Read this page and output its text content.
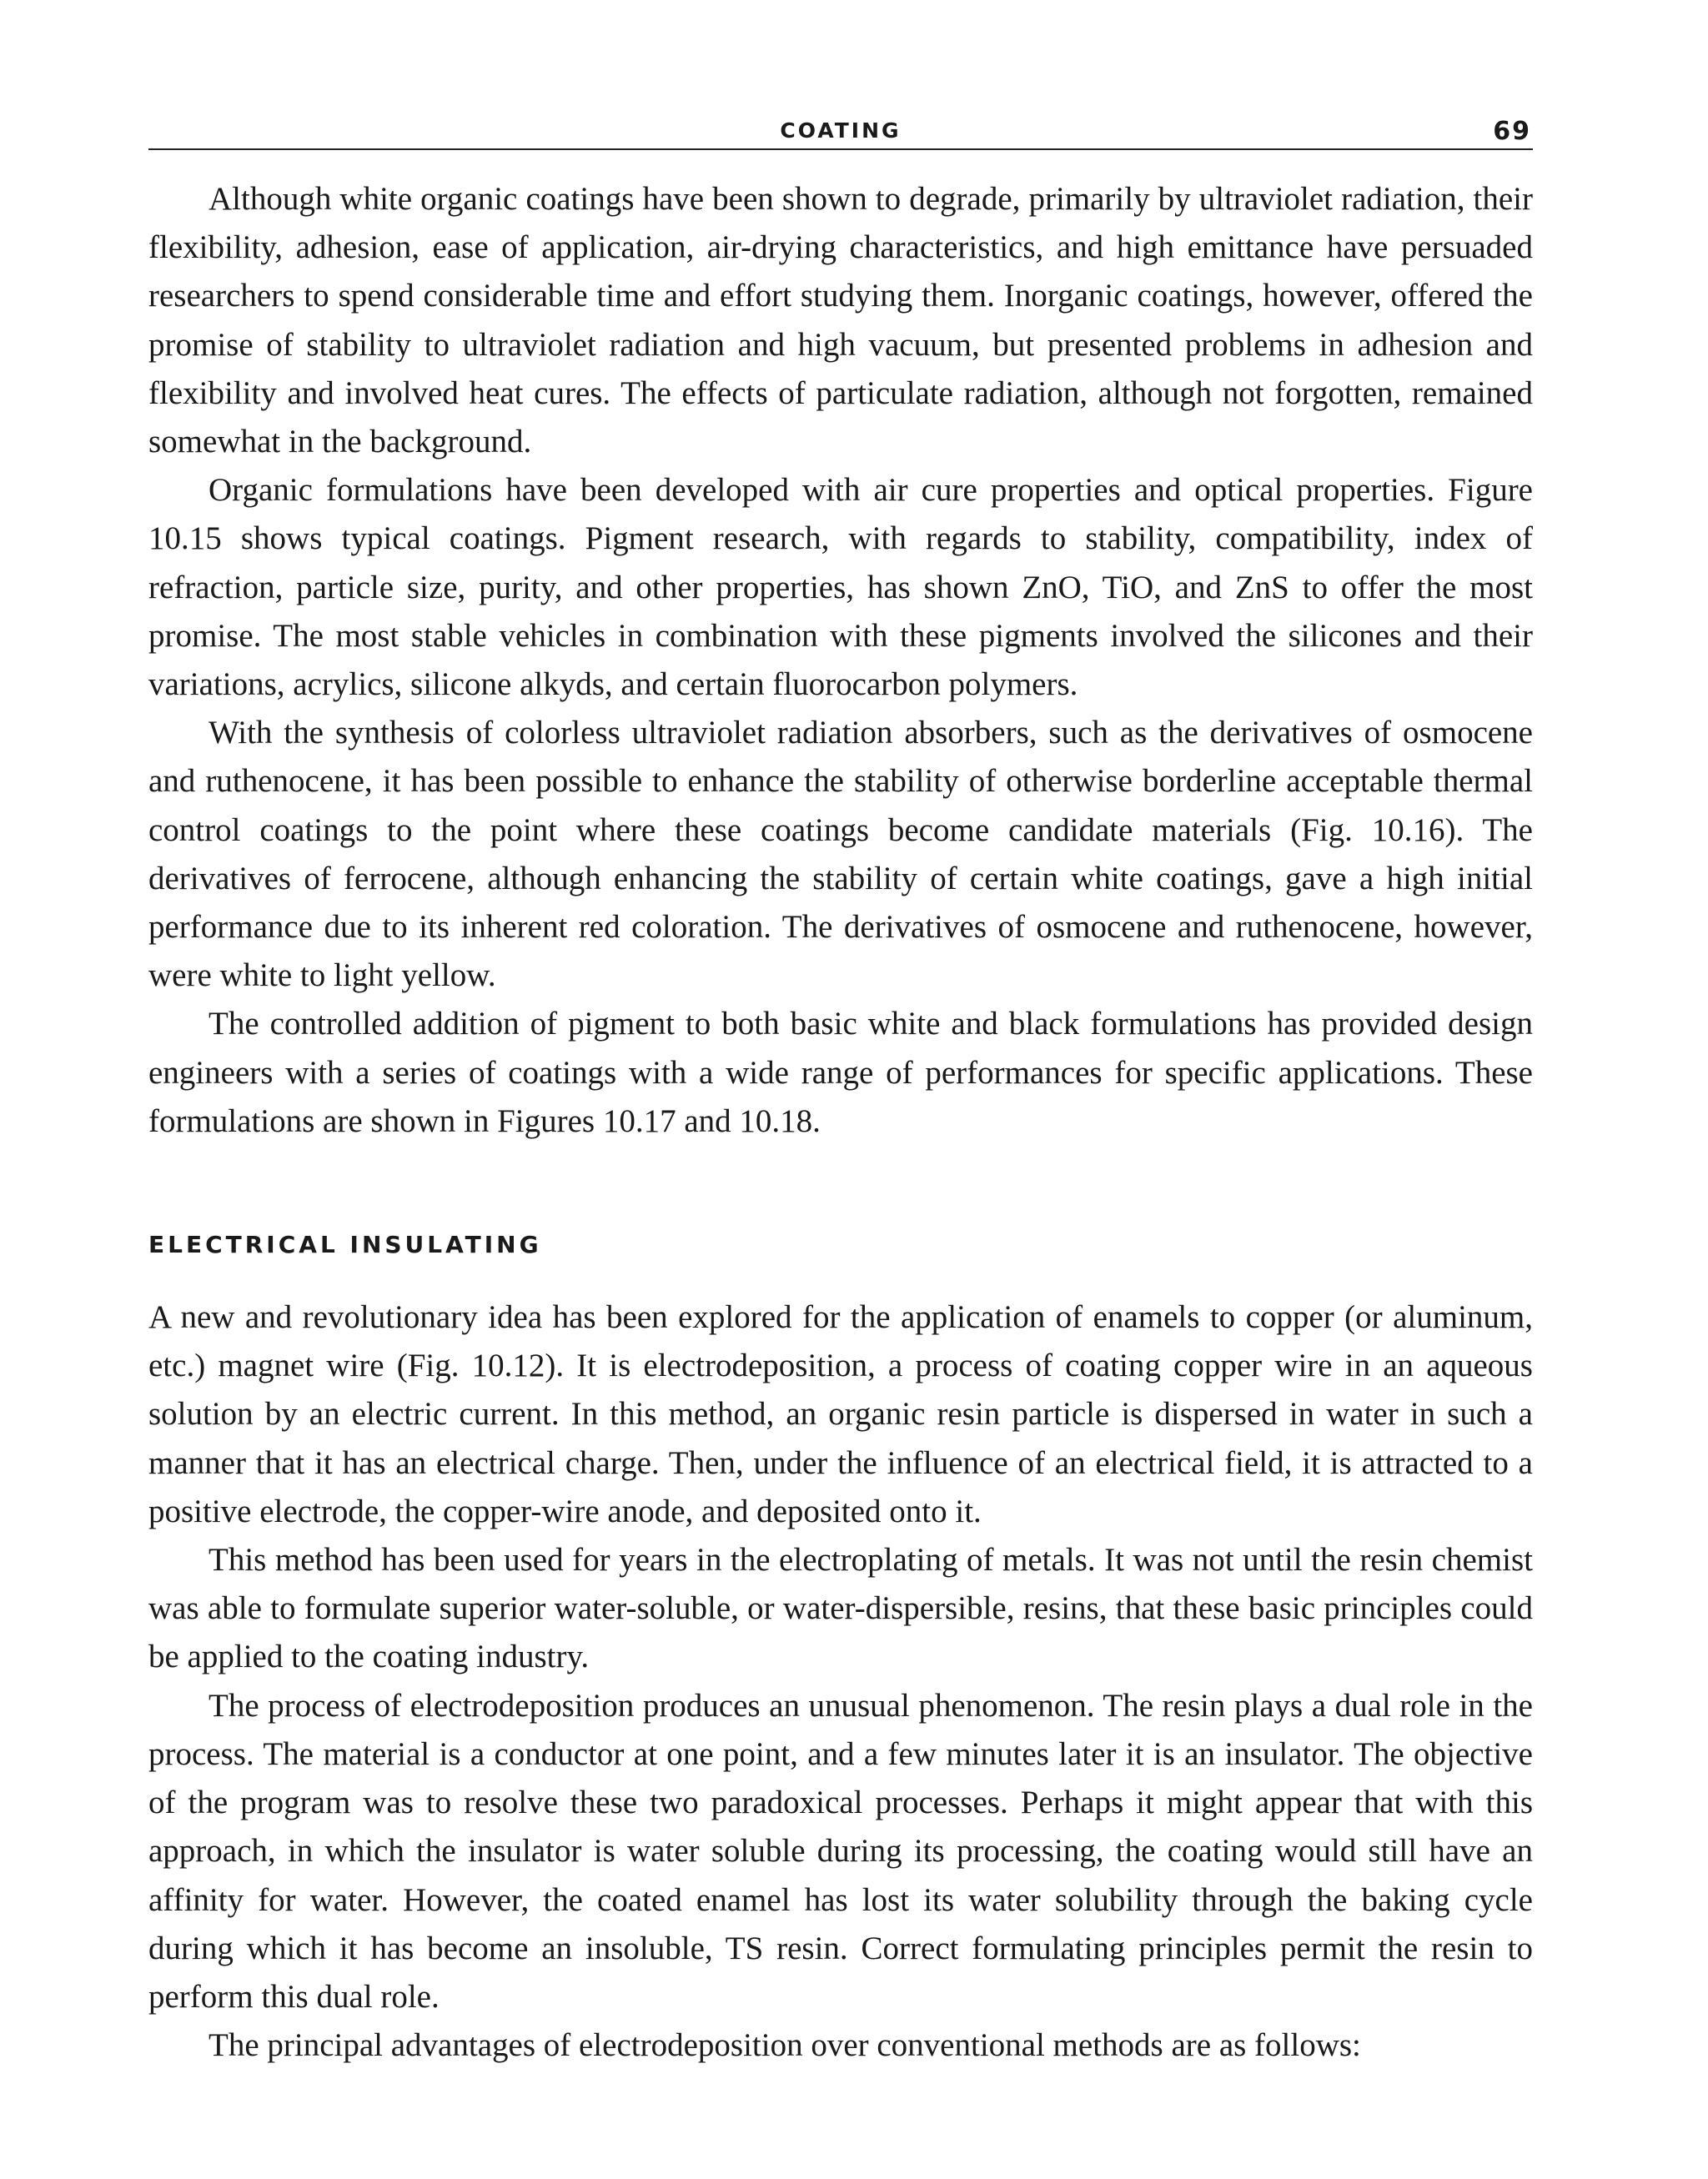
COATING	69

Although white organic coatings have been shown to degrade, primarily by ultraviolet radiation, their flexibility, adhesion, ease of application, air-drying characteristics, and high emittance have persuaded researchers to spend considerable time and effort studying them. Inorganic coatings, however, offered the promise of stability to ultraviolet radiation and high vacuum, but presented problems in adhesion and flexibility and involved heat cures. The effects of particulate radiation, although not forgotten, remained somewhat in the background.

Organic formulations have been developed with air cure properties and optical properties. Figure 10.15 shows typical coatings. Pigment research, with regards to stability, compatibility, index of refraction, particle size, purity, and other properties, has shown ZnO, TiO, and ZnS to offer the most promise. The most stable vehicles in combination with these pigments involved the silicones and their variations, acrylics, silicone alkyds, and certain fluorocarbon polymers.

With the synthesis of colorless ultraviolet radiation absorbers, such as the derivatives of osmocene and ruthenocene, it has been possible to enhance the stability of otherwise borderline acceptable thermal control coatings to the point where these coatings become candidate materials (Fig. 10.16). The derivatives of ferrocene, although enhancing the stability of certain white coatings, gave a high initial performance due to its inherent red coloration. The derivatives of osmocene and ruthenocene, however, were white to light yellow.

The controlled addition of pigment to both basic white and black formulations has provided design engineers with a series of coatings with a wide range of performances for specific applications. These formulations are shown in Figures 10.17 and 10.18.

ELECTRICAL INSULATING

A new and revolutionary idea has been explored for the application of enamels to copper (or aluminum, etc.) magnet wire (Fig. 10.12). It is electrodeposition, a process of coating copper wire in an aqueous solution by an electric current. In this method, an organic resin particle is dispersed in water in such a manner that it has an electrical charge. Then, under the influence of an electrical field, it is attracted to a positive electrode, the copper-wire anode, and deposited onto it.

This method has been used for years in the electroplating of metals. It was not until the resin chemist was able to formulate superior water-soluble, or water-dispersible, resins, that these basic principles could be applied to the coating industry.

The process of electrodeposition produces an unusual phenomenon. The resin plays a dual role in the process. The material is a conductor at one point, and a few minutes later it is an insulator. The objective of the program was to resolve these two paradoxical processes. Perhaps it might appear that with this approach, in which the insulator is water soluble during its processing, the coating would still have an affinity for water. However, the coated enamel has lost its water solubility through the baking cycle during which it has become an insoluble, TS resin. Correct formulating principles permit the resin to perform this dual role.

The principal advantages of electrodeposition over conventional methods are as follows:
